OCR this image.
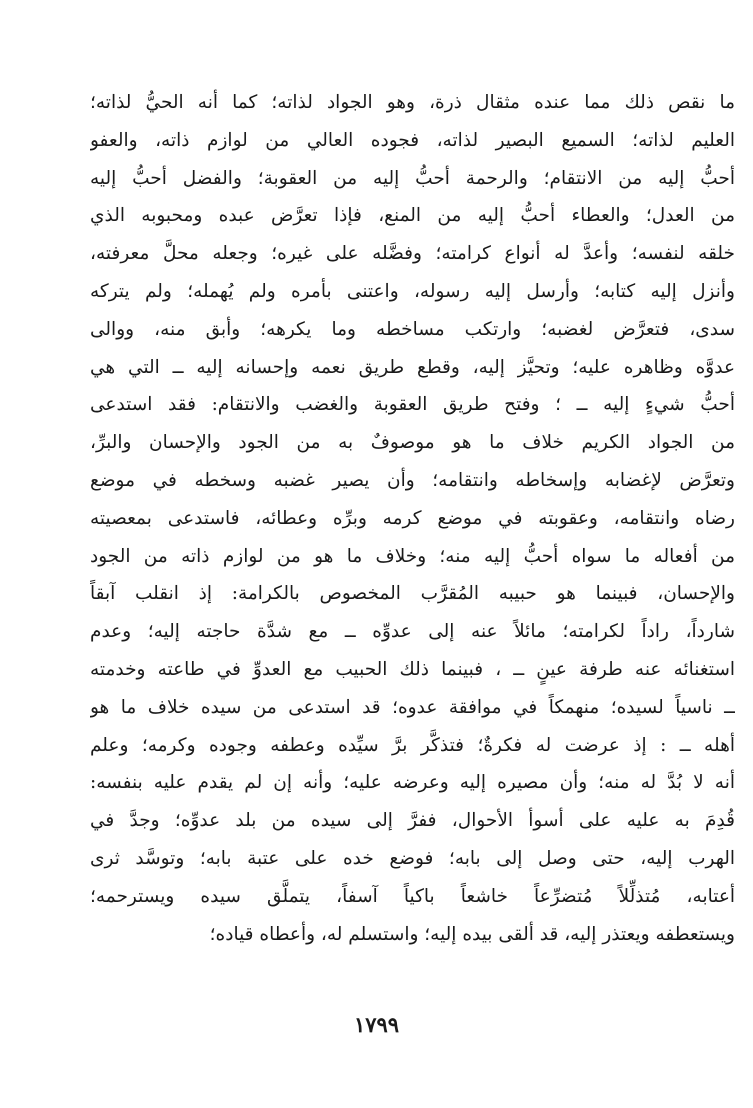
ما نقص ذلك مما عنده مثقال ذرة، وهو الجواد لذاته؛ كما أنه الحيُّ لذاته؛
العليم لذاته؛ السميع البصير لذاته، فجوده العالي من لوازم ذاته، والعفو
أحبُّ إليه من الانتقام؛ والرحمة أحبُّ إليه من العقوبة؛ والفضل أحبُّ إليه
من العدل؛ والعطاء أحبُّ إليه من المنع، فإذا تعرَّض عبده ومحبوبه الذي
خلقه لنفسه؛ وأعدَّ له أنواع كرامته؛ وفضَّله على غيره؛ وجعله محلَّ معرفته،
وأنزل إليه كتابه؛ وأرسل إليه رسوله، واعتنى بأمره ولم يُهمله؛ ولم يتركه
سدى، فتعرَّض لغضبه؛ وارتكب مساخطه وما يكرهه؛ وأبق منه، ووالى
عدوَّه وظاهره عليه؛ وتحيَّز إليه، وقطع طريق نعمه وإحسانه إليه ــ التي هي
أحبُّ شيءٍ إليه ــ ؛ وفتح طريق العقوبة والغضب والانتقام: فقد استدعى
من الجواد الكريم خلاف ما هو موصوفٌ به من الجود والإحسان والبرِّ،
وتعرَّض لإغضابه وإسخاطه وانتقامه؛ وأن يصير غضبه وسخطه في موضع
رضاه وانتقامه، وعقوبته في موضع كرمه وبرِّه وعطائه، فاستدعى بمعصيته
من أفعاله ما سواه أحبُّ إليه منه؛ وخلاف ما هو من لوازم ذاته من الجود
والإحسان، فبينما هو حبيبه المُقرَّب المخصوص بالكرامة: إذ انقلب آبقاً
شارداً، راداً لكرامته؛ مائلاً عنه إلى عدوِّه ــ مع شدَّة حاجته إليه؛ وعدم
استغنائه عنه طرفة عينٍ ــ ، فبينما ذلك الحبيب مع العدوِّ في طاعته وخدمته
ــ ناسياً لسيده؛ منهمكاً في موافقة عدوه؛ قد استدعى من سيده خلاف ما هو
أهله ــ : إذ عرضت له فكرةٌ؛ فتذكَّر برَّ سيِّده وعطفه وجوده وكرمه؛ وعلم
أنه لا بُدَّ له منه؛ وأن مصيره إليه وعرضه عليه؛ وأنه إن لم يقدم عليه بنفسه:
قُدِمَ به عليه على أسوأ الأحوال، ففرَّ إلى سيده من بلد عدوِّه؛ وجدَّ في
الهرب إليه، حتى وصل إلى بابه؛ فوضع خده على عتبة بابه؛ وتوسَّد ثرى
أعتابه، مُتذلِّلاً مُتضرِّعاً خاشعاً باكياً آسفاً، يتملَّق سيده ويسترحمه؛
ويستعطفه ويعتذر إليه، قد ألقى بيده إليه؛ واستسلم له، وأعطاه قياده؛
١٧٩٩
